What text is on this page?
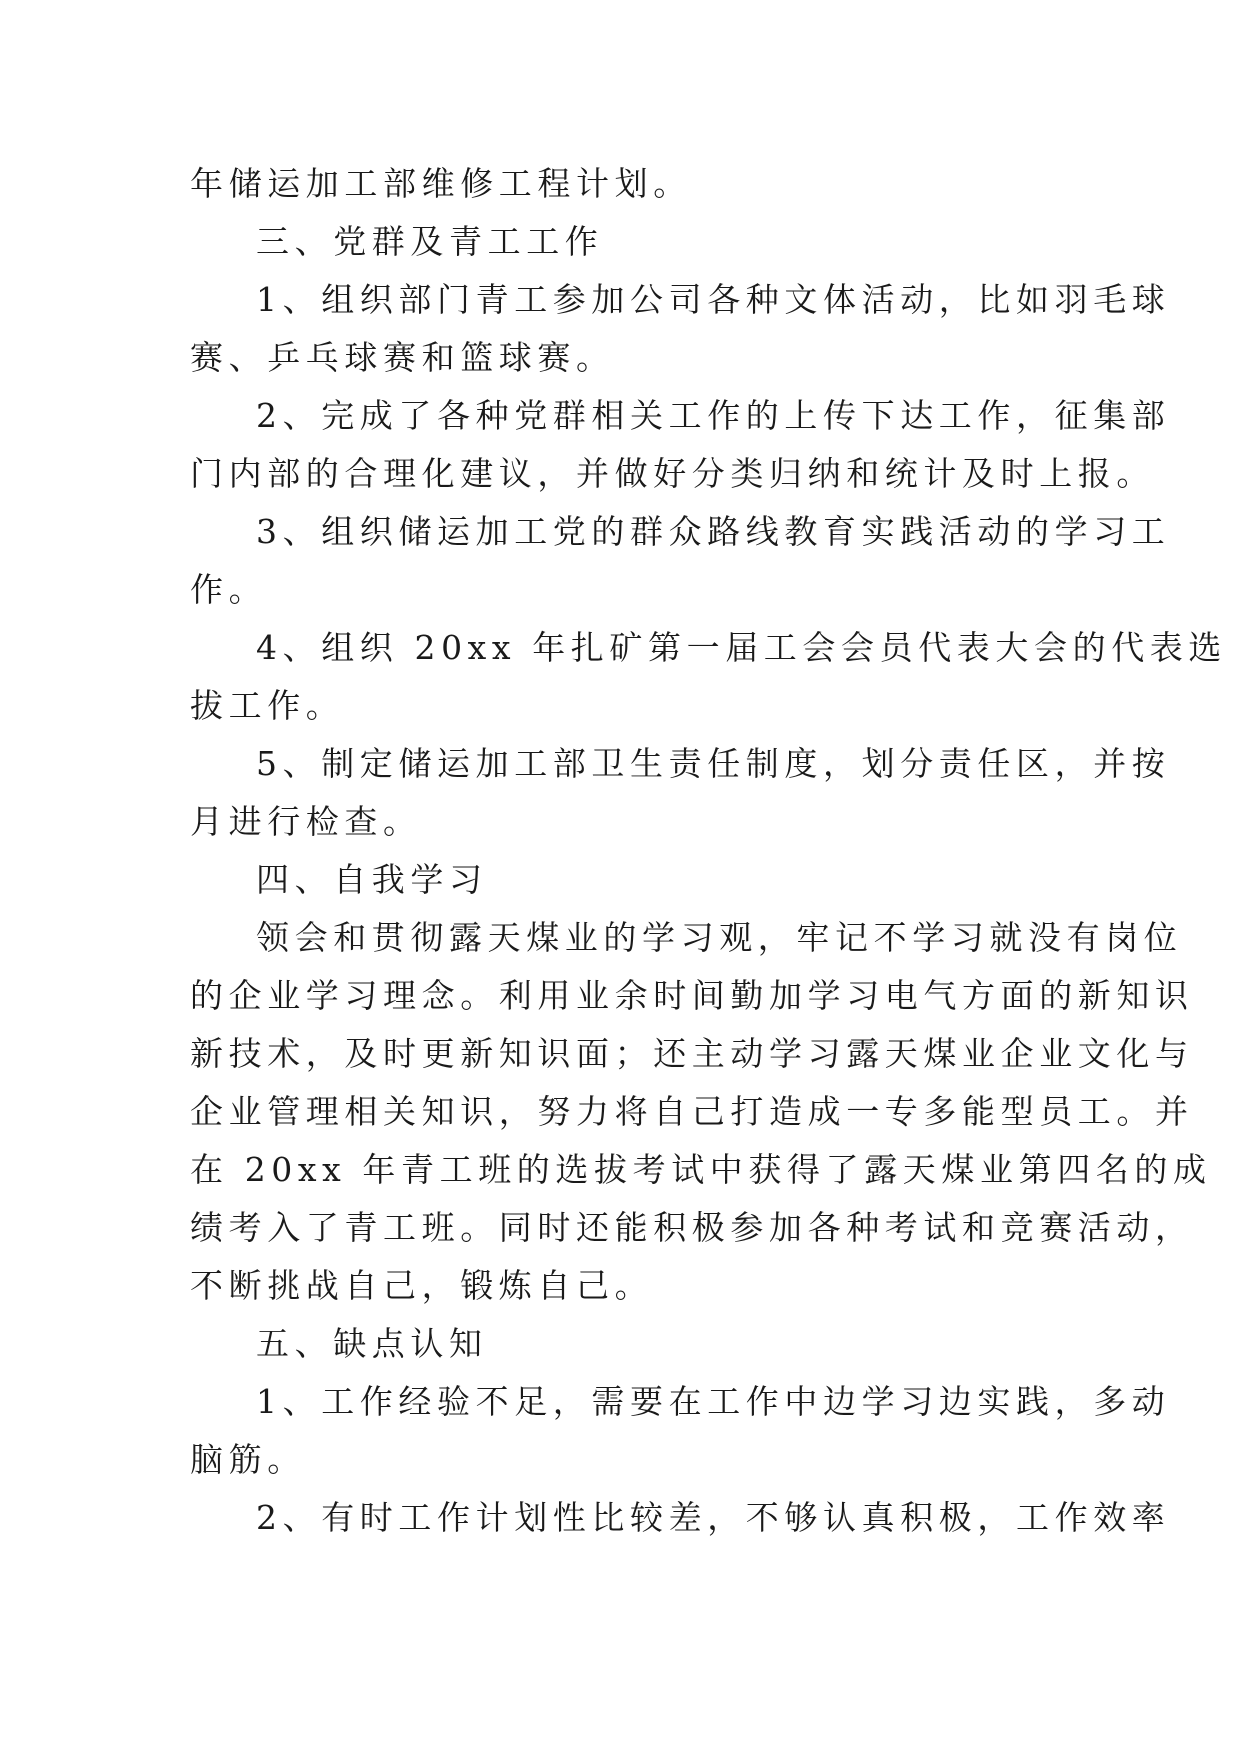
年储运加工部维修工程计划。
三、党群及青工工作
1、组织部门青工参加公司各种文体活动，比如羽毛球
赛、乒乓球赛和篮球赛。
2、完成了各种党群相关工作的上传下达工作，征集部
门内部的合理化建议，并做好分类归纳和统计及时上报。
3、组织储运加工党的群众路线教育实践活动的学习工
作。
4、组织 20xx 年扎矿第一届工会会员代表大会的代表选
拔工作。
5、制定储运加工部卫生责任制度，划分责任区，并按
月进行检查。
四、自我学习
领会和贯彻露天煤业的学习观，牢记不学习就没有岗位
的企业学习理念。利用业余时间勤加学习电气方面的新知识
新技术，及时更新知识面；还主动学习露天煤业企业文化与
企业管理相关知识，努力将自己打造成一专多能型员工。并
在 20xx 年青工班的选拔考试中获得了露天煤业第四名的成
绩考入了青工班。同时还能积极参加各种考试和竞赛活动，
不断挑战自己，锻炼自己。
五、缺点认知
1、工作经验不足，需要在工作中边学习边实践，多动
脑筋。
2、有时工作计划性比较差，不够认真积极，工作效率
